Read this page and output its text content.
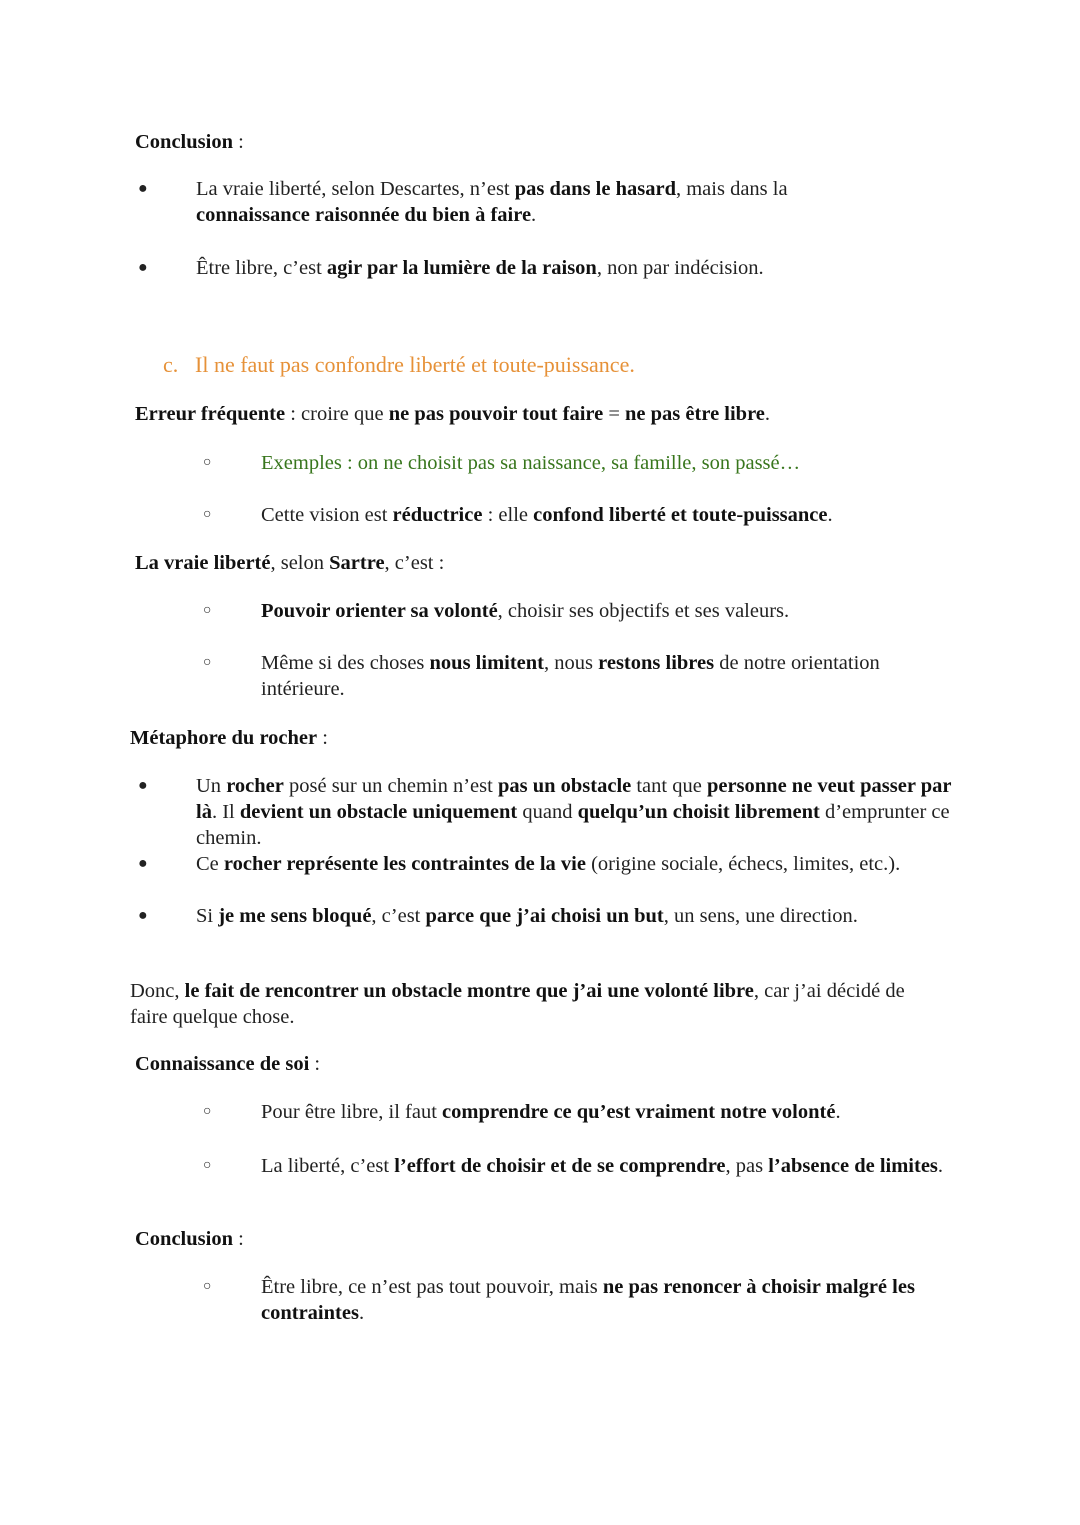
Conclusion :
● La vraie liberté, selon Descartes, n’est pas dans le hasard, mais dans la connaissance raisonnée du bien à faire.
● Être libre, c’est agir par la lumière de la raison, non par indécision.
c. Il ne faut pas confondre liberté et toute-puissance.
Erreur fréquente : croire que ne pas pouvoir tout faire = ne pas être libre.
○ Exemples : on ne choisit pas sa naissance, sa famille, son passé…
○ Cette vision est réductrice : elle confond liberté et toute-puissance.
La vraie liberté, selon Sartre, c’est :
○ Pouvoir orienter sa volonté, choisir ses objectifs et ses valeurs.
○ Même si des choses nous limitent, nous restons libres de notre orientation intérieure.
Métaphore du rocher :
● Un rocher posé sur un chemin n’est pas un obstacle tant que personne ne veut passer par là. Il devient un obstacle uniquement quand quelqu’un choisit librement d’emprunter ce chemin.
● Ce rocher représente les contraintes de la vie (origine sociale, échecs, limites, etc.).
● Si je me sens bloqué, c’est parce que j’ai choisi un but, un sens, une direction.
Donc, le fait de rencontrer un obstacle montre que j’ai une volonté libre, car j’ai décidé de faire quelque chose.
Connaissance de soi :
○ Pour être libre, il faut comprendre ce qu’est vraiment notre volonté.
○ La liberté, c’est l’effort de choisir et de se comprendre, pas l’absence de limites.
Conclusion :
○ Être libre, ce n’est pas tout pouvoir, mais ne pas renoncer à choisir malgré les contraintes.
